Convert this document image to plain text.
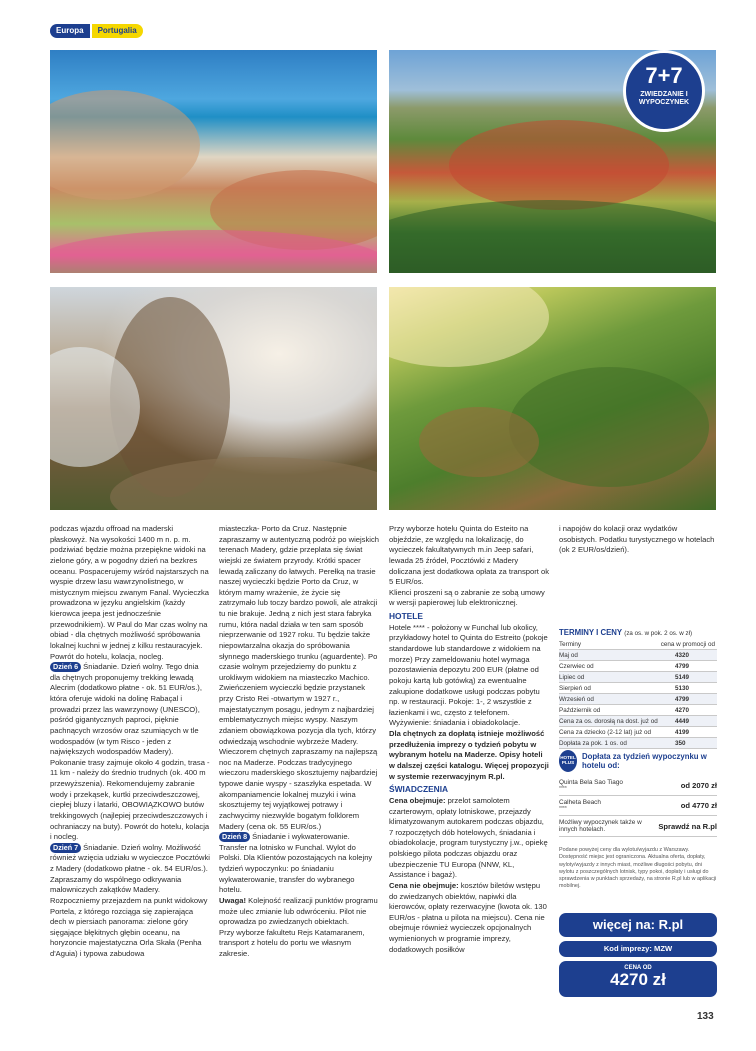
Europa	Portugalia
7+7
ZWIEDZANIE I WYPOCZYNEK

podczas wjazdu offroad na maderski płaskowyż. Na wysokości 1400 m n. p. m. podziwiać będzie można przepiękne widoki na zielone góry, a w pogodny dzień na bezkres oceanu. Pospacerujemy wśród najstarszych na wyspie drzew lasu wawrzynolistnego, w mistycznym miejscu zwanym Fanal. Wycieczka prowadzona w języku angielskim (każdy kierowca jeepa jest jednocześnie przewodnikiem). W Paul do Mar czas wolny na obiad - dla chętnych możliwość spróbowania lokalnej kuchni w jednej z kilku restauracyjek. Powrót do hotelu, kolacja, nocleg.

Dzień 6 Śniadanie. Dzień wolny. Tego dnia dla chętnych proponujemy trekking lewadą Alecrim (dodatkowo płatne - ok. 51 EUR/os.), która oferuje widoki na dolinę Rabaçal i prowadzi przez las wawrzynowy (UNESCO), pośród gigantycznych paproci, pięknie pachnących wrzosów oraz szumiących w tle wodospadów (w tym Risco - jeden z największych wodospadów Madery). Pokonanie trasy zajmuje około 4 godzin, trasa - 11 km - należy do średnio trudnych (ok. 400 m przewyższenia). Rekomendujemy zabranie wody i przekąsek, kurtki przeciwdeszczowej, ciepłej bluzy i latarki, OBOWIĄZKOWO butów trekkingowych (najlepiej przeciwdeszczowych i ochraniaczy na buty). Powrót do hotelu, kolacja i nocleg.

Dzień 7 Śniadanie. Dzień wolny. Możliwość również wzięcia udziału w wycieczce Pocztówki z Madery (dodatkowo płatne - ok. 54 EUR/os.). Zapraszamy do wspólnego odkrywania malowniczych zakątków Madery. Rozpoczniemy przejazdem na punkt widokowy Portela, z którego rozciąga się zapierająca dech w piersiach panorama: zielone góry sięgające błękitnych głębin oceanu, na horyzoncie majestatyczna Orla Skała (Penha d'Aguia) i typowa zabudowa

miasteczka- Porto da Cruz. Następnie zapraszamy w autentyczną podróż po wiejskich terenach Madery, gdzie przeplata się świat wiejski ze światem przyrody. Krótki spacer lewadą zaliczany do łatwych. Perełką na trasie naszej wycieczki będzie Porto da Cruz, w którym mamy wrażenie, że życie się zatrzymało lub toczy bardzo powoli, ale atrakcji tu nie brakuje. Jedną z nich jest stara fabryka rumu, która nadal działa w ten sam sposób nieprzerwanie od 1927 roku. Tu będzie także niepowtarzalna okazja do spróbowania słynnego maderskiego trunku (aguardente). Po czasie wolnym przejedziemy do punktu z urokliwym widokiem na miasteczko Machico. Zwieńczeniem wycieczki będzie przystanek przy Cristo Rei -otwartym w 1927 r., majestatycznym posągu, jednym z najbardziej emblematycznych miejsc wyspy. Naszym zdaniem obowiązkowa pozycja dla tych, którzy odwiedzają wschodnie wybrzeże Madery.

Wieczorem chętnych zapraszamy na najlepszą noc na Maderze. Podczas tradycyjnego wieczoru maderskiego skosztujemy najbardziej typowe danie wyspy - szaszłyka espetada. W akompaniamencie lokalnej muzyki i wina skosztujemy tej wyjątkowej potrawy i zachwycimy niezwykle bogatym folklorem Madery (cena ok. 55 EUR/os.)

Dzień 8 Śniadanie i wykwaterowanie. Transfer na lotnisko w Funchal. Wylot do Polski. Dla Klientów pozostających na kolejny tydzień wypoczynku: po śniadaniu wykwaterowanie, transfer do wybranego hotelu.

Uwaga! Kolejność realizacji punktów programu może ulec zmianie lub odwróceniu. Pilot nie oprowadza po zwiedzanych obiektach.

Przy wyborze fakultetu Rejs Katamaranem, transport z hotelu do portu we własnym zakresie.

Przy wyborze hotelu Quinta do Esteito na objeździe, ze względu na lokalizację, do wycieczek fakultatywnych m.in Jeep safari, lewada 25 źródeł, Pocztówki z Madery doliczana jest dodatkowa opłata za transport ok 5 EUR/os.

Klienci proszeni są o zabranie ze sobą umowy w wersji papierowej lub elektronicznej.

HOTELE

Hotele **** - położony w Funchal lub okolicy, przykładowy hotel to Quinta do Estreito (pokoje standardowe lub standardowe z widokiem na morze) Przy zameldowaniu hotel wymaga pozostawienia depozytu 200 EUR (płatne od pokoju kartą lub gotówką) za ewentualne zakupione dodatkowe usługi podczas pobytu np. w restauracji. Pokoje: 1-, 2 wszystkie z łazienkami i wc, często z telefonem. Wyżywienie: śniadania i obiadokolacje.

Dla chętnych za dopłatą istnieje możliwość przedłużenia imprezy o tydzień pobytu w wybranym hotelu na Maderze. Opisy hoteli w dalszej części katalogu. Więcej propozycji w systemie rezerwacyjnym R.pl.

ŚWIADCZENIA

Cena obejmuje: przelot samolotem czarterowym, opłaty lotniskowe, przejazdy klimatyzowanym autokarem podczas objazdu, 7 rozpoczętych dób hotelowych, śniadania i obiadokolacje, program turystyczny j.w., opiekę polskiego pilota podczas objazdu oraz ubezpieczenie TU Europa (NNW, KL, Assistance i bagaż).

Cena nie obejmuje: kosztów biletów wstępu do zwiedzanych obiektów, napiwki dla kierowców, opłaty rezerwacyjne (kwota ok. 130 EUR/os - płatna u pilota na miejscu). Cena nie obejmuje również wycieczek opcjonalnych wymienionych w programie imprezy, dodatkowych posiłków

i napojów do kolacji oraz wydatków osobistych. Podatku turystycznego w hotelach (ok 2 EUR/os/dzień).

TERMINY I CENY (za os. w pok. 2 os. w zł)
Terminy	cena w promocji od
Maj od	4320
Czerwiec od	4799
Lipiec od	5149
Sierpień od	5130
Wrzesień od	4799
Październik od	4270
Cena za os. dorosłą na dost. już od	4449
Cena za dziecko (2-12 lat) już od	4199
Dopłata za pok. 1 os. od	350
HOTEL PLUS
Dopłata za tydzień wypoczynku w hotelu od:
Quinta Bela Sao Tiago
****	od 2070 zł
Calheta Beach
****	od 4770 zł
Możliwy wypoczynek także w innych hotelach.	Sprawdź na R.pl
Podane powyżej ceny dla wylotu/wyjazdu z Warszawy. Dostępność miejsc jest ograniczona. Aktualna oferta, dopłaty, wyloty/wyjazdy z innych miast, możliwe długości pobytu, dni wylotu z poszczególnych lotnisk, typy pokoi, dopłaty i usługi do sprawdzenia w punktach sprzedaży, na stronie R.pl lub w aplikacji mobilnej.
więcej na: R.pl
Kod imprezy: MZW
CENA OD
4270 zł
133
